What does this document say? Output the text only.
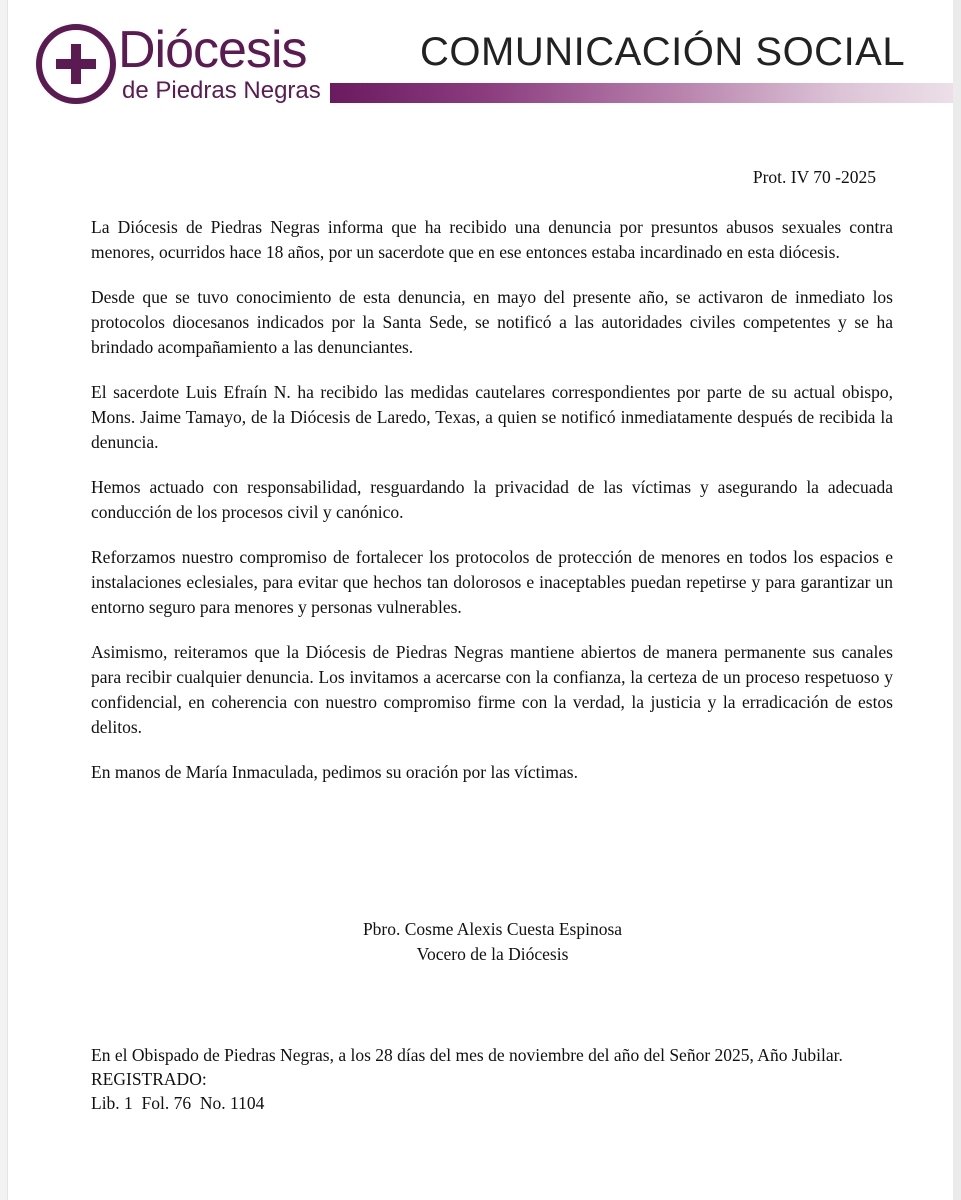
Diócesis
de Piedras Negras
COMUNICACIÓN SOCIAL
Prot. IV 70 -2025

La Diócesis de Piedras Negras informa que ha recibido una denuncia por presuntos abusos sexuales contra menores, ocurridos hace 18 años, por un sacerdote que en ese entonces estaba incardinado en esta diócesis.

Desde que se tuvo conocimiento de esta denuncia, en mayo del presente año, se activaron de inmediato los protocolos diocesanos indicados por la Santa Sede, se notificó a las autoridades civiles competentes y se ha brindado acompañamiento a las denunciantes.

El sacerdote Luis Efraín N. ha recibido las medidas cautelares correspondientes por parte de su actual obispo, Mons. Jaime Tamayo, de la Diócesis de Laredo, Texas, a quien se notificó inmediatamente después de recibida la denuncia.

Hemos actuado con responsabilidad, resguardando la privacidad de las víctimas y asegurando la adecuada conducción de los procesos civil y canónico.

Reforzamos nuestro compromiso de fortalecer los protocolos de protección de menores en todos los espacios e instalaciones eclesiales, para evitar que hechos tan dolorosos e inaceptables puedan repetirse y para garantizar un entorno seguro para menores y personas vulnerables.

Asimismo, reiteramos que la Diócesis de Piedras Negras mantiene abiertos de manera permanente sus canales para recibir cualquier denuncia. Los invitamos a acercarse con la confianza, la certeza de un proceso respetuoso y confidencial, en coherencia con nuestro compromiso firme con la verdad, la justicia y la erradicación de estos delitos.

En manos de María Inmaculada, pedimos su oración por las víctimas.

Pbro. Cosme Alexis Cuesta Espinosa
Vocero de la Diócesis
En el Obispado de Piedras Negras, a los 28 días del mes de noviembre del año del Señor 2025, Año Jubilar.
REGISTRADO:
Lib. 1  Fol. 76  No. 1104
